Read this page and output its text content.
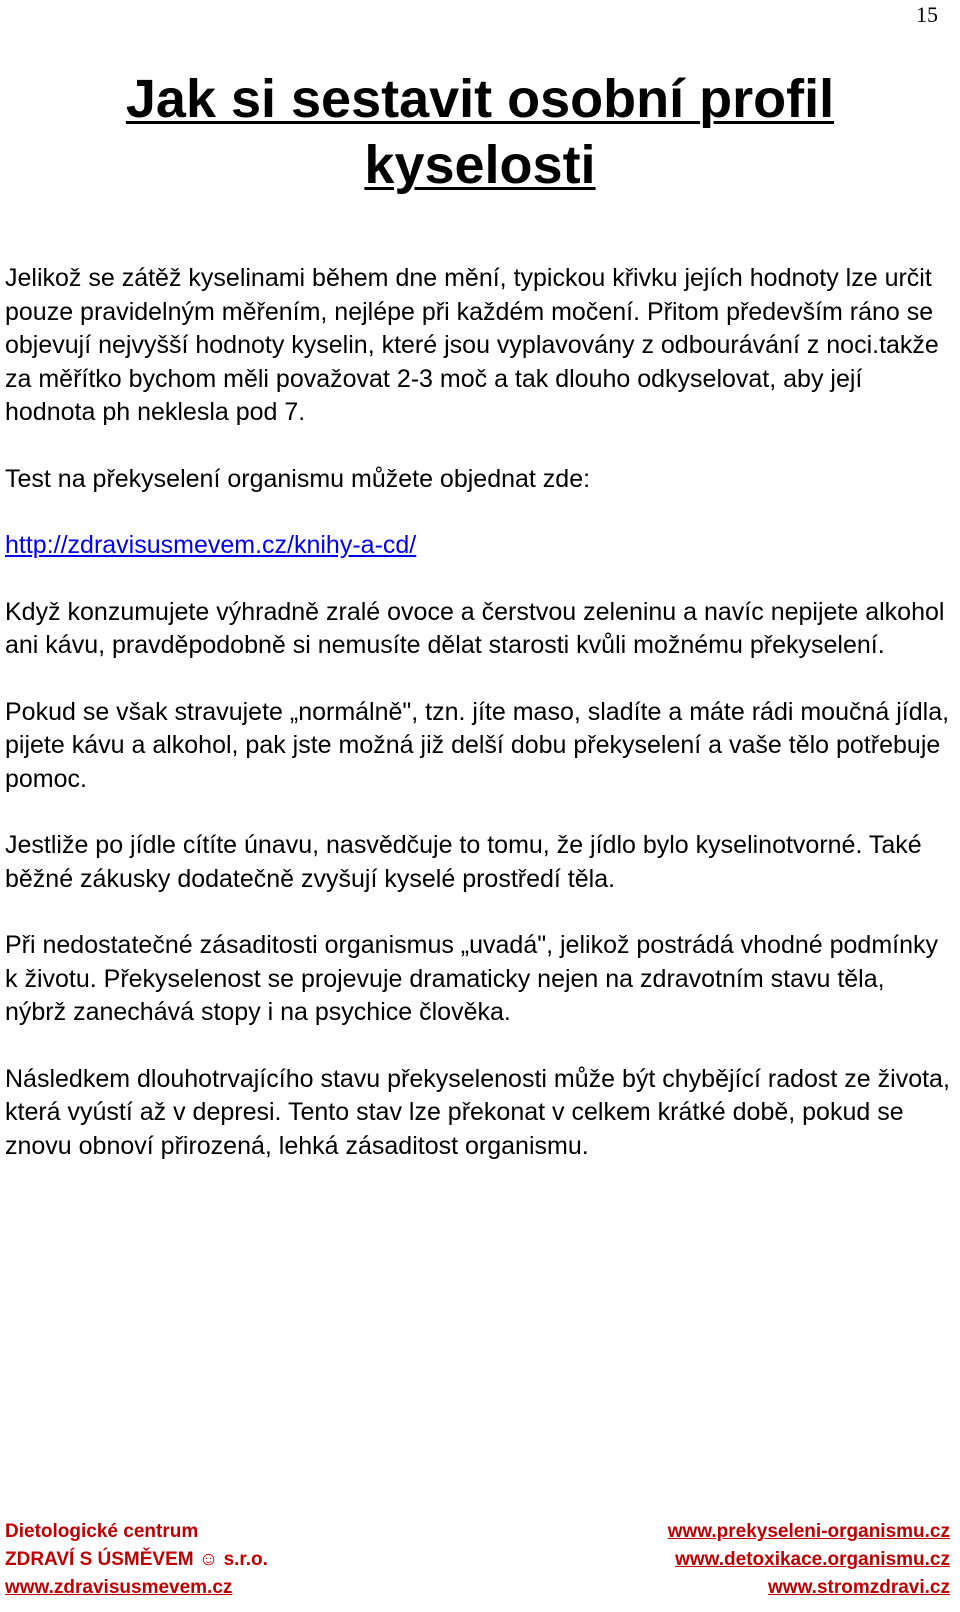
15
Jak si sestavit osobní profil
kyselosti

Jelikož se zátěž kyselinami během dne mění, typickou křivku jejích hodnoty lze určit pouze pravidelným měřením, nejlépe při každém močení. Přitom především ráno se objevují nejvyšší hodnoty kyselin, které jsou vyplavovány z odbourávání z noci.takže za měřítko bychom měli považovat 2-3 moč a tak dlouho odkyselovat, aby její hodnota ph neklesla pod 7.

Test na překyselení organismu můžete objednat zde:

http://zdravisusmevem.cz/knihy-a-cd/

Když konzumujete výhradně zralé ovoce a čerstvou zeleninu a navíc nepijete alkohol ani kávu, pravděpodobně si nemusíte dělat starosti kvůli možnému překyselení.

Pokud se však stravujete „normálně", tzn. jíte maso, sladíte a máte rádi moučná jídla, pijete kávu a alkohol, pak jste možná již delší dobu překyselení a vaše tělo potřebuje pomoc.

Jestliže po jídle cítíte únavu, nasvědčuje to tomu, že jídlo bylo kyselinotvorné. Také běžné zákusky dodatečně zvyšují kyselé prostředí těla.

Při nedostatečné zásaditosti organismus „uvadá", jelikož postrádá vhodné podmínky k životu. Překyselenost se projevuje dramaticky nejen na zdravotním stavu těla, nýbrž zanechává stopy i na psychice člověka.

Následkem dlouhotrvajícího stavu překyselenosti může být chybějící radost ze života, která vyústí až v depresi. Tento stav lze překonat v celkem krátké době, pokud se znovu obnoví přirozená, lehká zásaditost organismu.

Dietologické centrum
ZDRAVÍ S ÚSMĚVEM ☺ s.r.o.
www.zdravisusmevem.cz
www.prekyseleni-organismu.cz
www.detoxikace.organismu.cz
www.stromzdravi.cz
